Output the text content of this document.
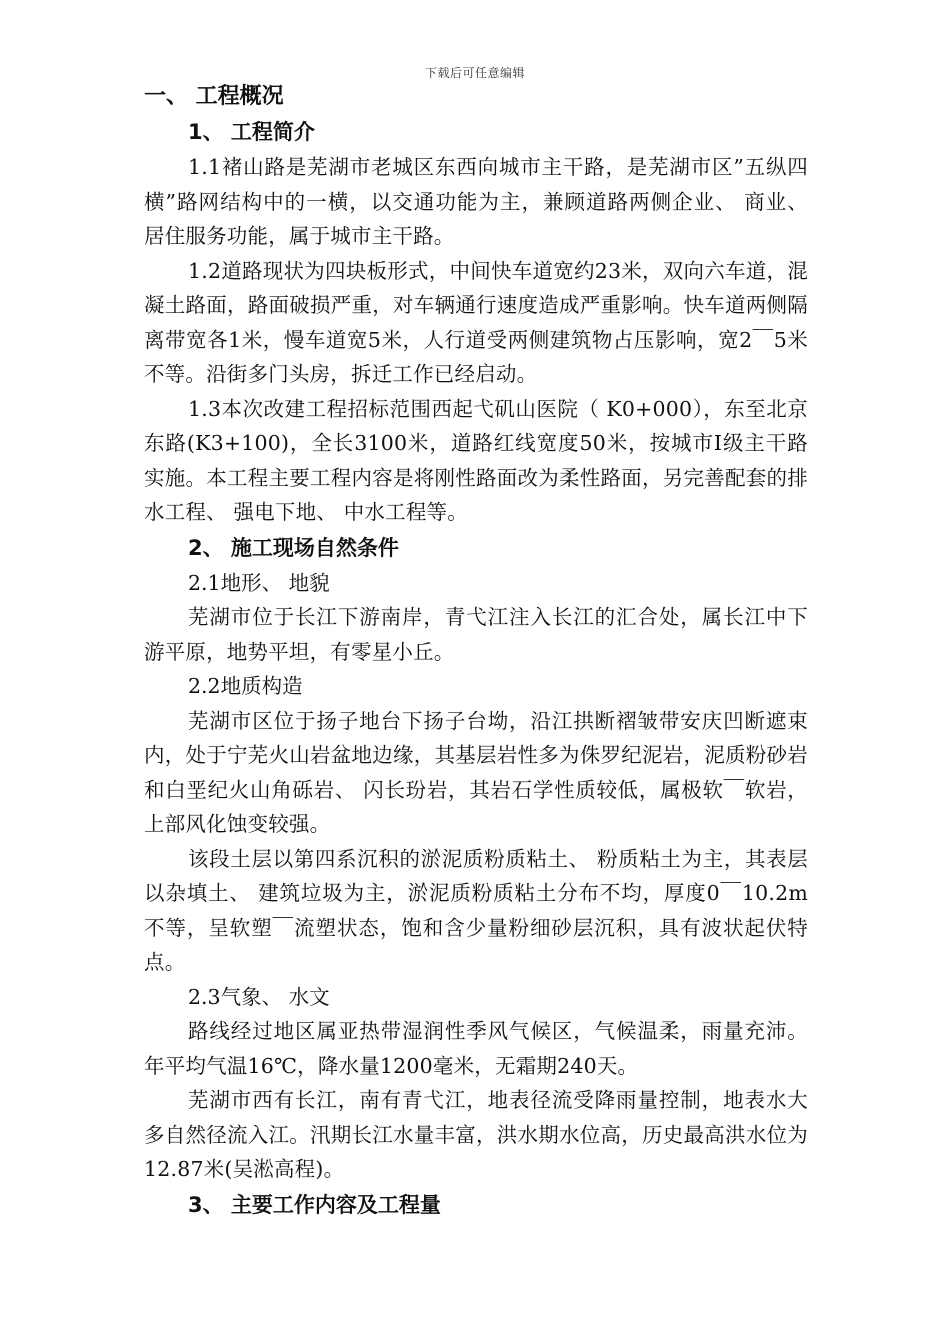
下载后可任意编辑
一、 工程概况
1、 工程简介

1.1褚山路是芜湖市老城区东西向城市主干路，是芜湖市区”五纵四横”路网结构中的一横，以交通功能为主，兼顾道路两侧企业、 商业、 居住服务功能，属于城市主干路。

1.2道路现状为四块板形式，中间快车道宽约23米，双向六车道，混凝土路面，路面破损严重，对车辆通行速度造成严重影响。快车道两侧隔离带宽各1米，慢车道宽5米，人行道受两侧建筑物占压影响，宽2￣5米不等。沿街多门头房，拆迁工作已经启动。

1.3本次改建工程招标范围西起弋矶山医院（ K0+000），东至北京东路(K3+100)，全长3100米，道路红线宽度50米，按城市I级主干路实施。本工程主要工程内容是将刚性路面改为柔性路面，另完善配套的排水工程、 强电下地、 中水工程等。

2、 施工现场自然条件
2.1地形、 地貌

芜湖市位于长江下游南岸，青弋江注入长江的汇合处，属长江中下游平原，地势平坦，有零星小丘。

2.2地质构造

芜湖市区位于扬子地台下扬子台坳，沿江拱断褶皱带安庆凹断遮束内，处于宁芜火山岩盆地边缘，其基层岩性多为侏罗纪泥岩，泥质粉砂岩和白垩纪火山角砾岩、 闪长玢岩，其岩石学性质较低，属极软￣软岩，上部风化蚀变较强。

该段土层以第四系沉积的淤泥质粉质粘土、 粉质粘土为主，其表层以杂填土、 建筑垃圾为主，淤泥质粉质粘土分布不均，厚度0￣10.2m不等，呈软塑￣流塑状态，饱和含少量粉细砂层沉积，具有波状起伏特点。

2.3气象、 水文

路线经过地区属亚热带湿润性季风气候区，气候温柔，雨量充沛。年平均气温16℃，降水量1200毫米，无霜期240天。

芜湖市西有长江，南有青弋江，地表径流受降雨量控制，地表水大多自然径流入江。汛期长江水量丰富，洪水期水位高，历史最高洪水位为12.87米(吴淞高程)。

3、 主要工作内容及工程量
